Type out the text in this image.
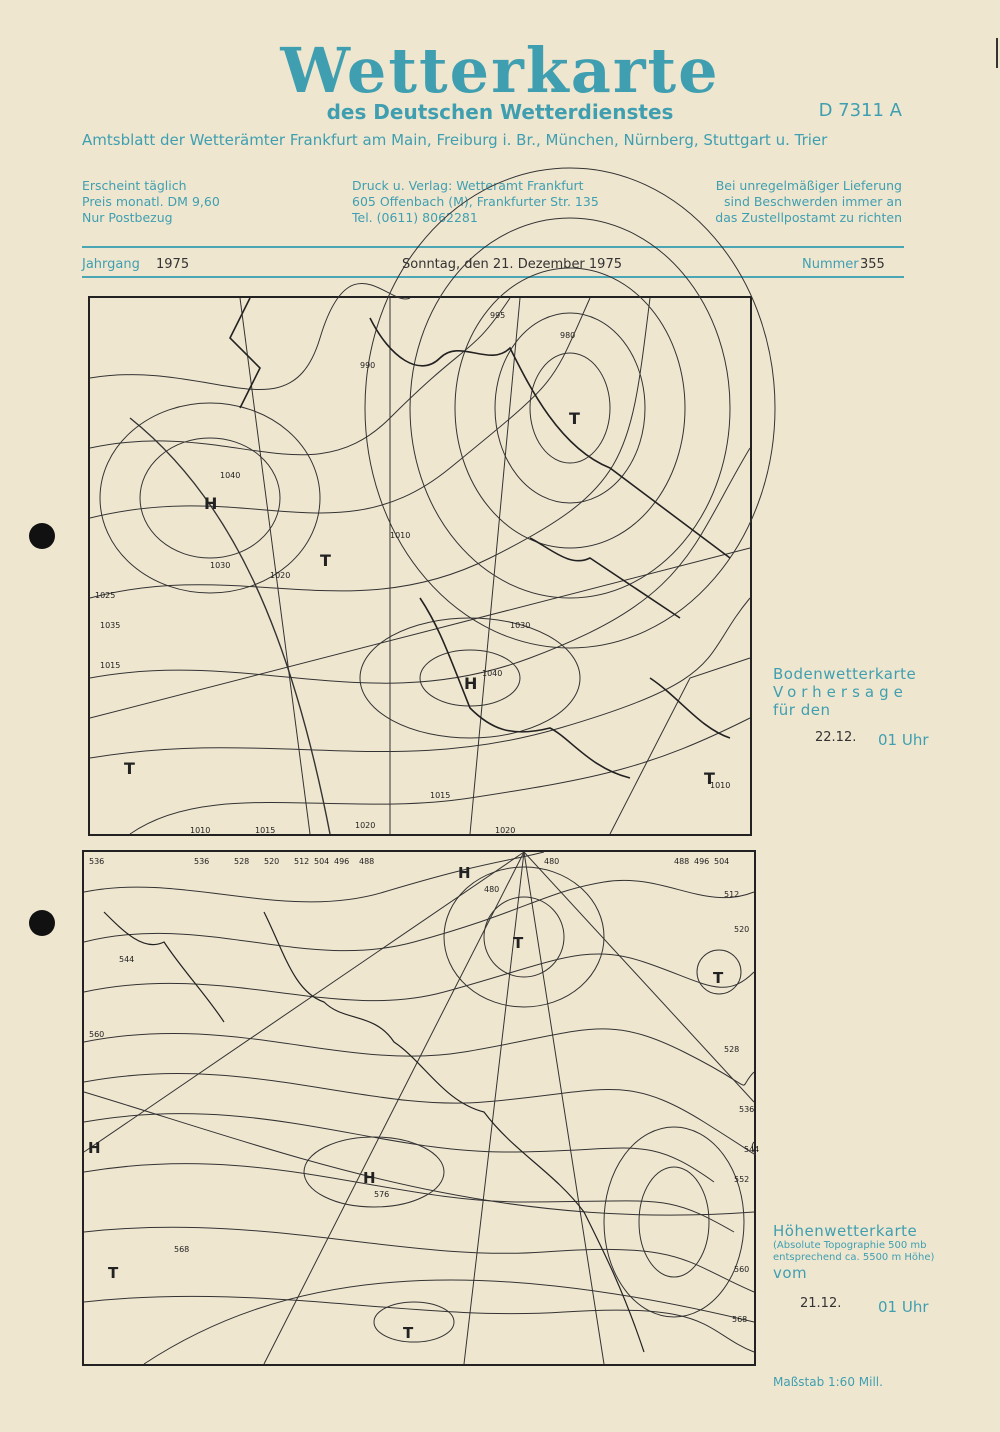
Wetterkarte
des Deutschen Wetterdienstes	D 7311 A
Amtsblatt der Wetterämter Frankfurt am Main, Freiburg i. Br., München, Nürnberg, Stuttgart u. Trier
Erscheint täglich
Preis monatl. DM 9,60
Nur Postbezug
Druck u. Verlag: Wetteramt Frankfurt
605 Offenbach (M), Frankfurter Str. 135
Tel. (0611) 8062281
Bei unregelmäßiger Lieferung
sind Beschwerden immer an
das Zustellpostamt zu richten
Jahrgang 1975	Sonntag, den 21. Dezember 1975	Nummer 355
H
H
T
T
T
T
1040
1030
1020
1010
1015
1025
1035
1010	1015
1020
1020
1015
1010
1040
1030
990
995
980
Bodenwetterkarte
Vorhersage
für den
22.12. 01 Uhr
H
H
H
T
T
T
T
536	536	528 520 512 504 496 488
480
480	488 496 504
512
520
528
536
544
552
560
568
576
544
560
568
Höhenwetterkarte
(Absolute Topographie 500 mb
entsprechend ca. 5500 m Höhe)
vom
21.12. 01 Uhr
Maßstab 1:60 Mill.
